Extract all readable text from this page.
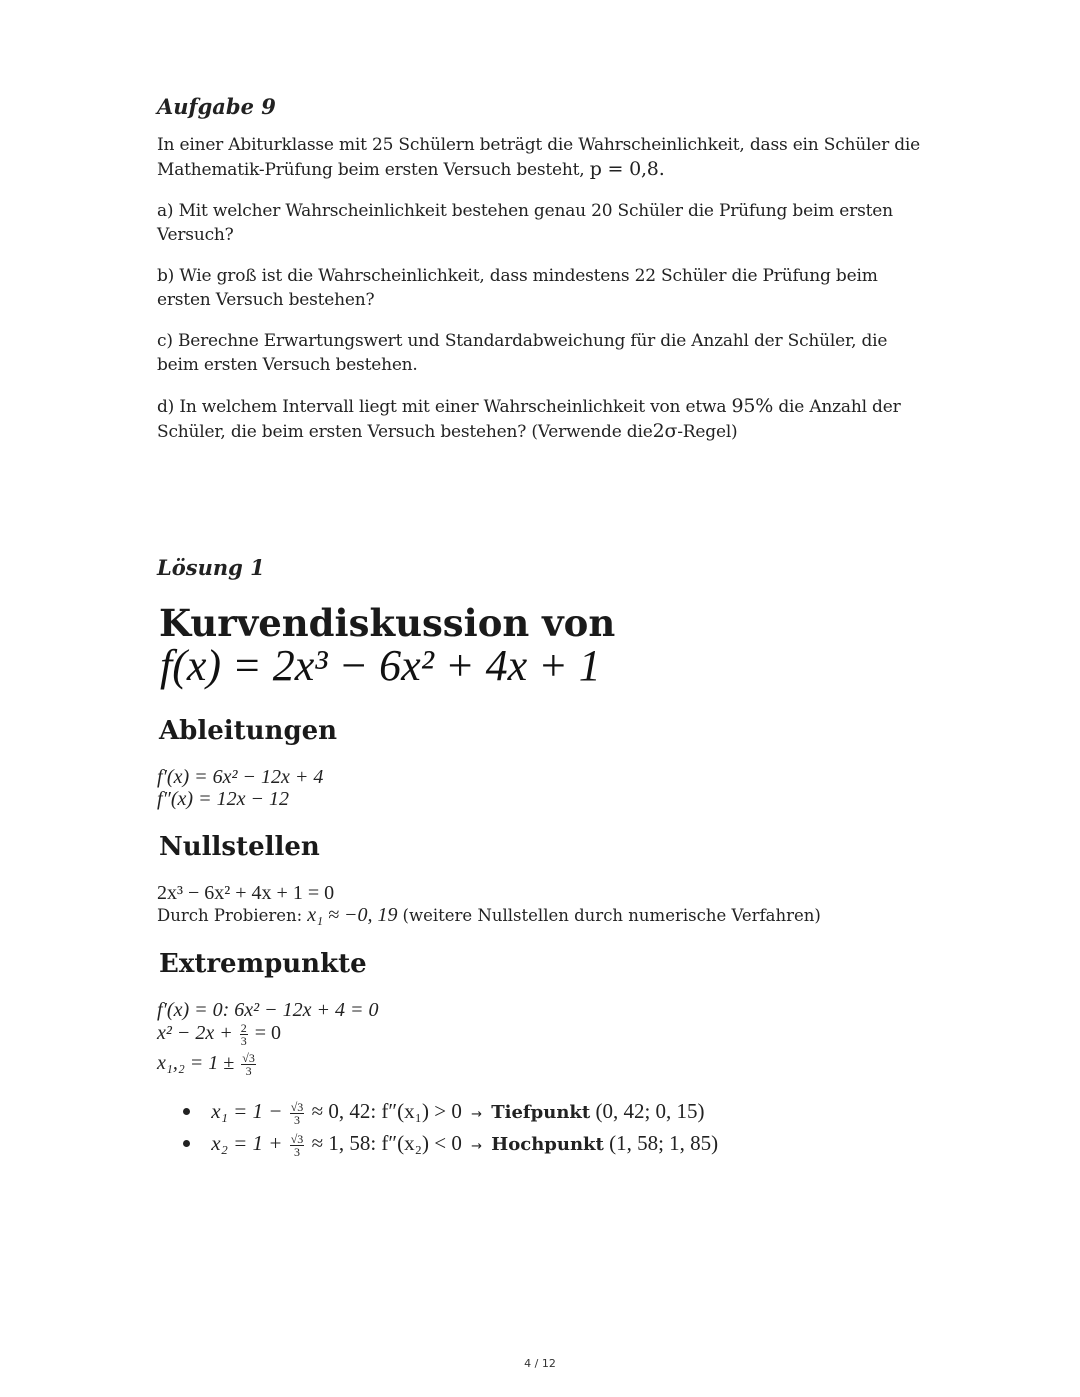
Aufgabe 9

In einer Abiturklasse mit 25 Schülern beträgt die Wahrscheinlichkeit, dass ein Schüler die Mathematik-Prüfung beim ersten Versuch besteht, p = 0,8.

a) Mit welcher Wahrscheinlichkeit bestehen genau 20 Schüler die Prüfung beim ersten Versuch?

b) Wie groß ist die Wahrscheinlichkeit, dass mindestens 22 Schüler die Prüfung beim ersten Versuch bestehen?

c) Berechne Erwartungswert und Standardabweichung für die Anzahl der Schüler, die beim ersten Versuch bestehen.

d) In welchem Intervall liegt mit einer Wahrscheinlichkeit von etwa 95% die Anzahl der Schüler, die beim ersten Versuch bestehen? (Verwende die2σ-Regel)

Lösung 1
Kurvendiskussion von
f(x) = 2x³ − 6x² + 4x + 1
Ableitungen
f′(x) = 6x² − 12x + 4
f″(x) = 12x − 12
Nullstellen
2x³ − 6x² + 4x + 1 = 0
Durch Probieren: x₁ ≈ −0, 19 (weitere Nullstellen durch numerische Verfahren)
Extrempunkte
f′(x) = 0: 6x² − 12x + 4 = 0
$x^2 - 2x + \frac{2}{3} = 0$
$x_1,_2 = 1 \pm \frac{√3}{3}$
$x_1 = 1 - \frac{√3}{3} \approx 0$, 42: f″(x₁) > 0 → Tiefpunkt (0, 42; 0, 15)
$x_2 = 1 + \frac{√3}{3} \approx 1$, 58: f″(x₂) < 0 → Hochpunkt (1, 58; 1, 85)
4 / 12
